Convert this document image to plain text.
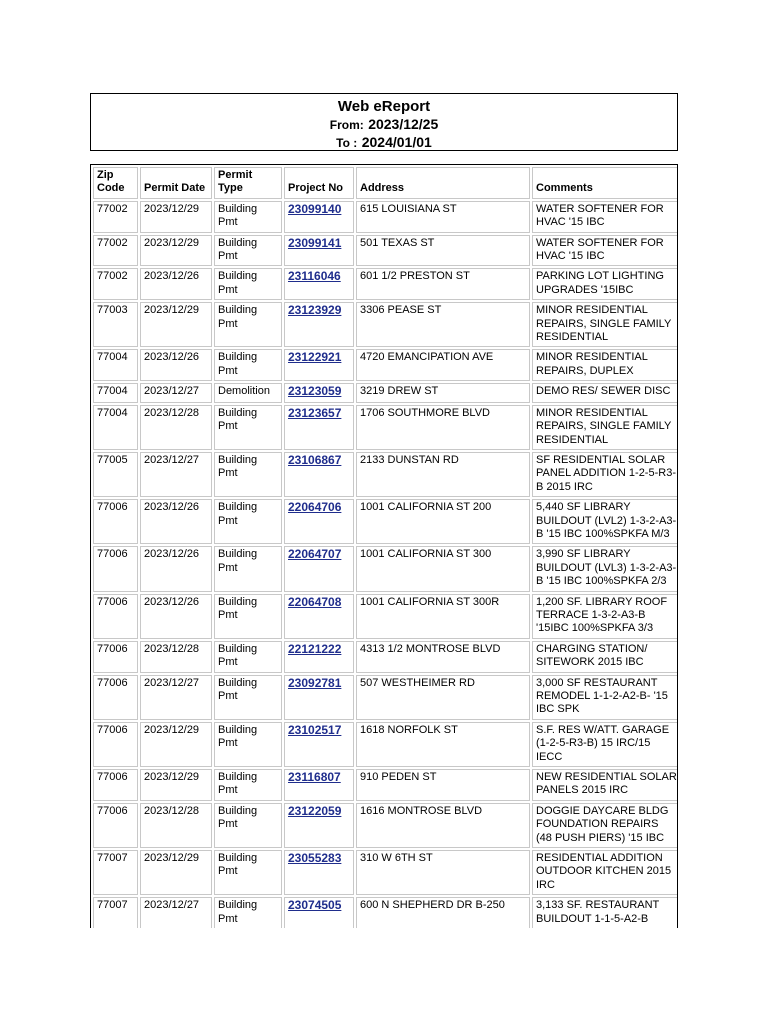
Web eReport
From: 2023/12/25
To : 2024/01/01
Zip Code	Permit Date	Permit Type	Project No	Address	Comments
77002	2023/12/29	Building Pmt	23099140	615 LOUISIANA ST	WATER SOFTENER FOR HVAC '15 IBC
77002	2023/12/29	Building Pmt	23099141	501 TEXAS ST	WATER SOFTENER FOR HVAC '15 IBC
77002	2023/12/26	Building Pmt	23116046	601 1/2 PRESTON ST	PARKING LOT LIGHTING UPGRADES '15IBC
77003	2023/12/29	Building Pmt	23123929	3306 PEASE ST	MINOR RESIDENTIAL REPAIRS, SINGLE FAMILY RESIDENTIAL
77004	2023/12/26	Building Pmt	23122921	4720 EMANCIPATION AVE	MINOR RESIDENTIAL REPAIRS, DUPLEX
77004	2023/12/27	Demolition	23123059	3219 DREW ST	DEMO RES/ SEWER DISC
77004	2023/12/28	Building Pmt	23123657	1706 SOUTHMORE BLVD	MINOR RESIDENTIAL REPAIRS, SINGLE FAMILY RESIDENTIAL
77005	2023/12/27	Building Pmt	23106867	2133 DUNSTAN RD	SF RESIDENTIAL SOLAR PANEL ADDITION 1-2-5-R3-B 2015 IRC
77006	2023/12/26	Building Pmt	22064706	1001 CALIFORNIA ST 200	5,440 SF LIBRARY BUILDOUT (LVL2) 1-3-2-A3-B '15 IBC 100%SPKFA M/3
77006	2023/12/26	Building Pmt	22064707	1001 CALIFORNIA ST 300	3,990 SF LIBRARY BUILDOUT (LVL3) 1-3-2-A3-B '15 IBC 100%SPKFA 2/3
77006	2023/12/26	Building Pmt	22064708	1001 CALIFORNIA ST 300R	1,200 SF. LIBRARY ROOF TERRACE 1-3-2-A3-B '15IBC 100%SPKFA 3/3
77006	2023/12/28	Building Pmt	22121222	4313 1/2 MONTROSE BLVD	CHARGING STATION/ SITEWORK 2015 IBC
77006	2023/12/27	Building Pmt	23092781	507 WESTHEIMER RD	3,000 SF RESTAURANT REMODEL 1-1-2-A2-B- '15 IBC SPK
77006	2023/12/29	Building Pmt	23102517	1618 NORFOLK ST	S.F. RES W/ATT. GARAGE (1-2-5-R3-B) 15 IRC/15 IECC
77006	2023/12/29	Building Pmt	23116807	910 PEDEN ST	NEW RESIDENTIAL SOLAR PANELS 2015 IRC
77006	2023/12/28	Building Pmt	23122059	1616 MONTROSE BLVD	DOGGIE DAYCARE BLDG FOUNDATION REPAIRS (48 PUSH PIERS) '15 IBC
77007	2023/12/29	Building Pmt	23055283	310 W 6TH ST	RESIDENTIAL ADDITION OUTDOOR KITCHEN 2015 IRC
77007	2023/12/27	Building Pmt	23074505	600 N SHEPHERD DR B-250	3,133 SF. RESTAURANT BUILDOUT 1-1-5-A2-B
